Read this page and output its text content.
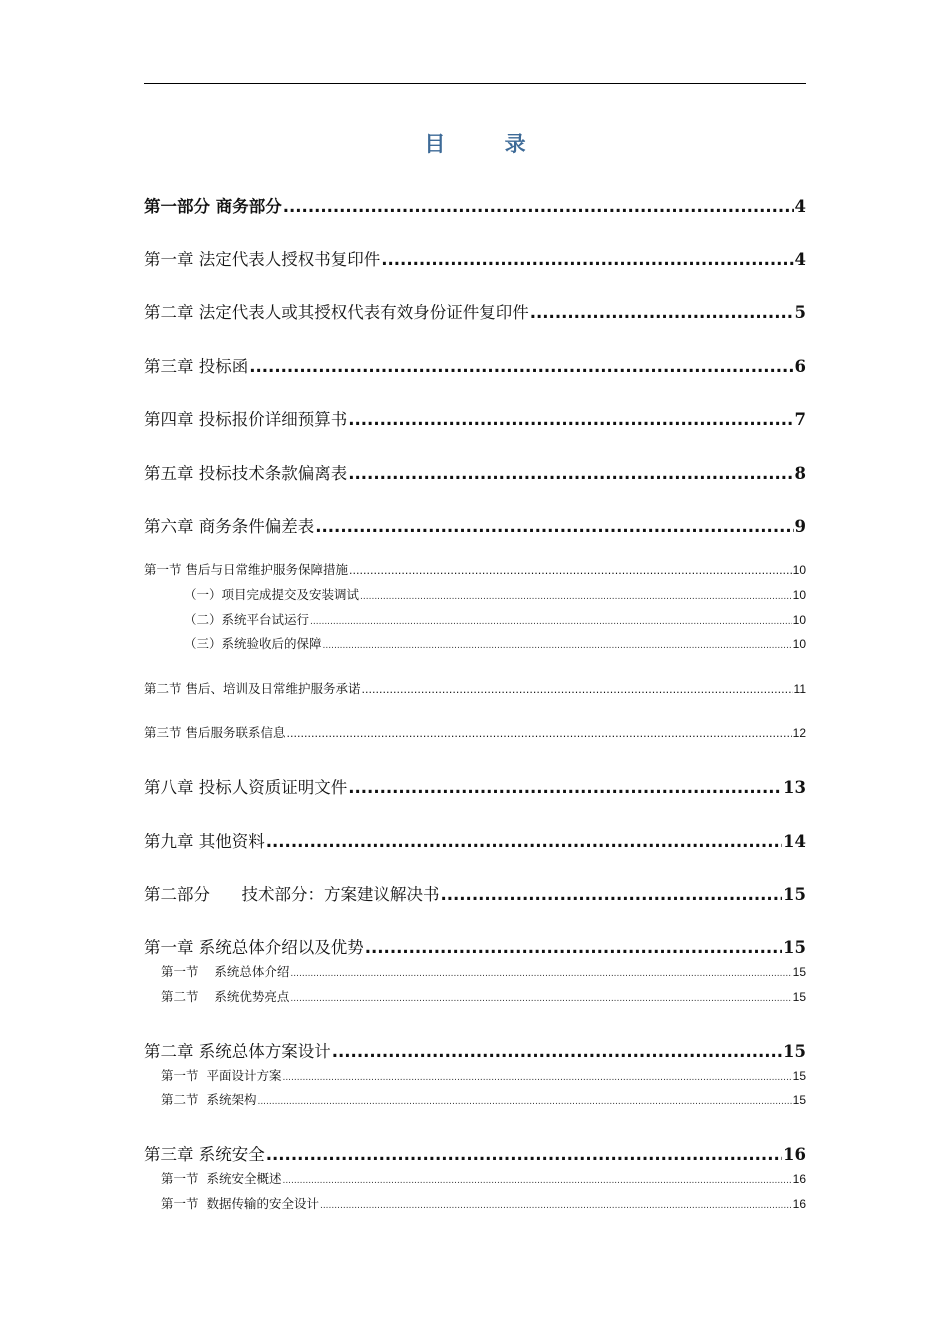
目 录
第一部分 商务部分 .....	4
第一章 法定代表人授权书复印件 .....	4
第二章 法定代表人或其授权代表有效身份证件复印件 .....	5
第三章 投标函 .....	6
第四章 投标报价详细预算书 .....	7
第五章 投标技术条款偏离表 .....	8
第六章 商务条件偏差表 .....	9
第一节 售后与日常维护服务保障措施 .....	10
（一）项目完成提交及安装调试 .....	10
（二）系统平台试运行 .....	10
（三）系统验收后的保障 .....	10
第二节 售后、培训及日常维护服务承诺 .....	11
第三节 售后服务联系信息 .....	12
第八章 投标人资质证明文件 .....	13
第九章 其他资料 .....	14
第二部分      技术部分：方案建议解决书 .....	15
第一章 系统总体介绍以及优势 .....	15
第一节    系统总体介绍 .....	15
第二节    系统优势亮点 .....	15
第二章 系统总体方案设计 .....	15
第一节  平面设计方案 .....	15
第二节  系统架构 .....	15
第三章 系统安全 .....	16
第一节  系统安全概述 .....	16
第一节  数据传输的安全设计 .....	16
